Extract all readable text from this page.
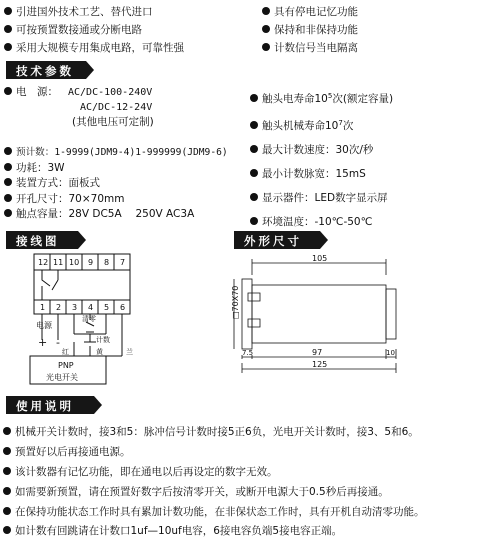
引进国外技术工艺、替代进口
可按预置数接通或分断电路
采用大规模专用集成电路，可靠性强
具有停电记忆功能
保持和非保持功能
计数信号当电隔离
技术参数
电　源： AC/DC-100-240V
AC/DC-12-24V
(其他电压可定制)
预计数：1-9999(JDM9-4)1-999999(JDM9-6)
功耗：3W
装置方式：面板式
开孔尺寸：70×70mm
触点容量：28V DC5A　 250V AC3A
触头电寿命$10^5$次(额定容量)
触头机械寿命$10^7$次
最大计数速度：30次/秒
最小计数脉宽：15mS
显示器件：LED数字显示屏
环境温度：-10℃-50℃
接线图	外形尺寸
12 11 10 9 8 7
1 2 3 4 5 6
电源
+ -
清零
计数
红	黄	兰
PNP
光电开关
105
□70X70
7.5	97	10
125
使用说明
机械开关计数时，接3和5：脉冲信号计数时接5正6负，光电开关计数时，接3、5和6。
预置好以后再接通电源。
该计数器有记忆功能，即在通电以后再设定的数字无效。
如需要新预置，请在预置好数字后按清零开关，或断开电源大于0.5秒后再接通。
在保持功能状态工作时具有累加计数功能，在非保状态工作时，具有开机自动清零功能。
如计数有回跳请在计数口1uf—10uf电容，6接电容负端5接电容正端。
